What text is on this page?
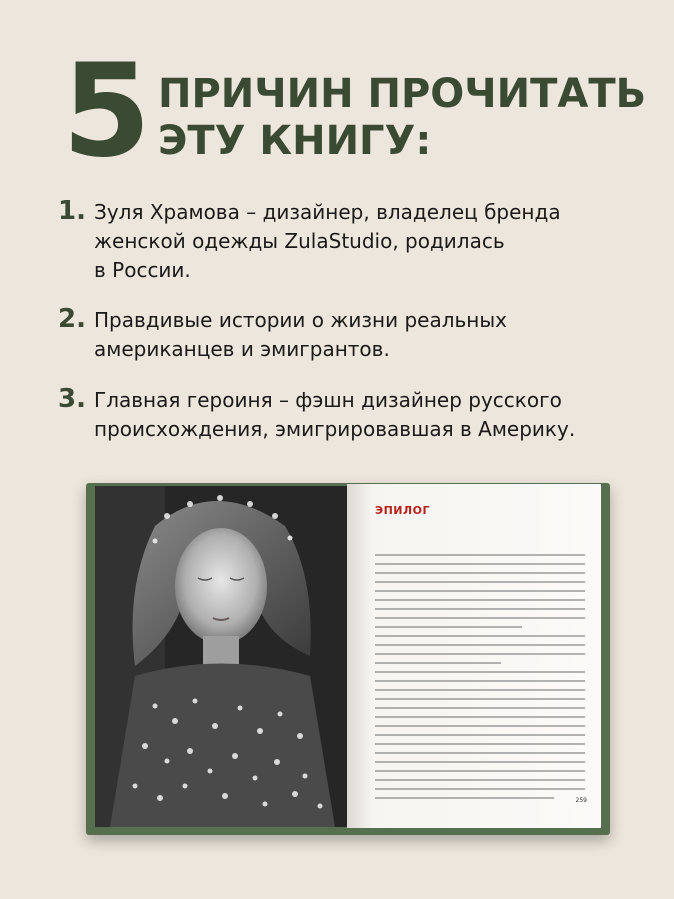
5 ПРИЧИН ПРОЧИТАТЬ
ЭТУ КНИГУ:
1. Зуля Храмова – дизайнер, владелец бренда
женской одежды ZulaStudio, родилась
в России.
2. Правдивые истории о жизни реальных
американцев и эмигрантов.
3. Главная героиня – фэшн дизайнер русского
происхождения, эмигрировавшая в Америку.
ЭПИЛОГ
259
